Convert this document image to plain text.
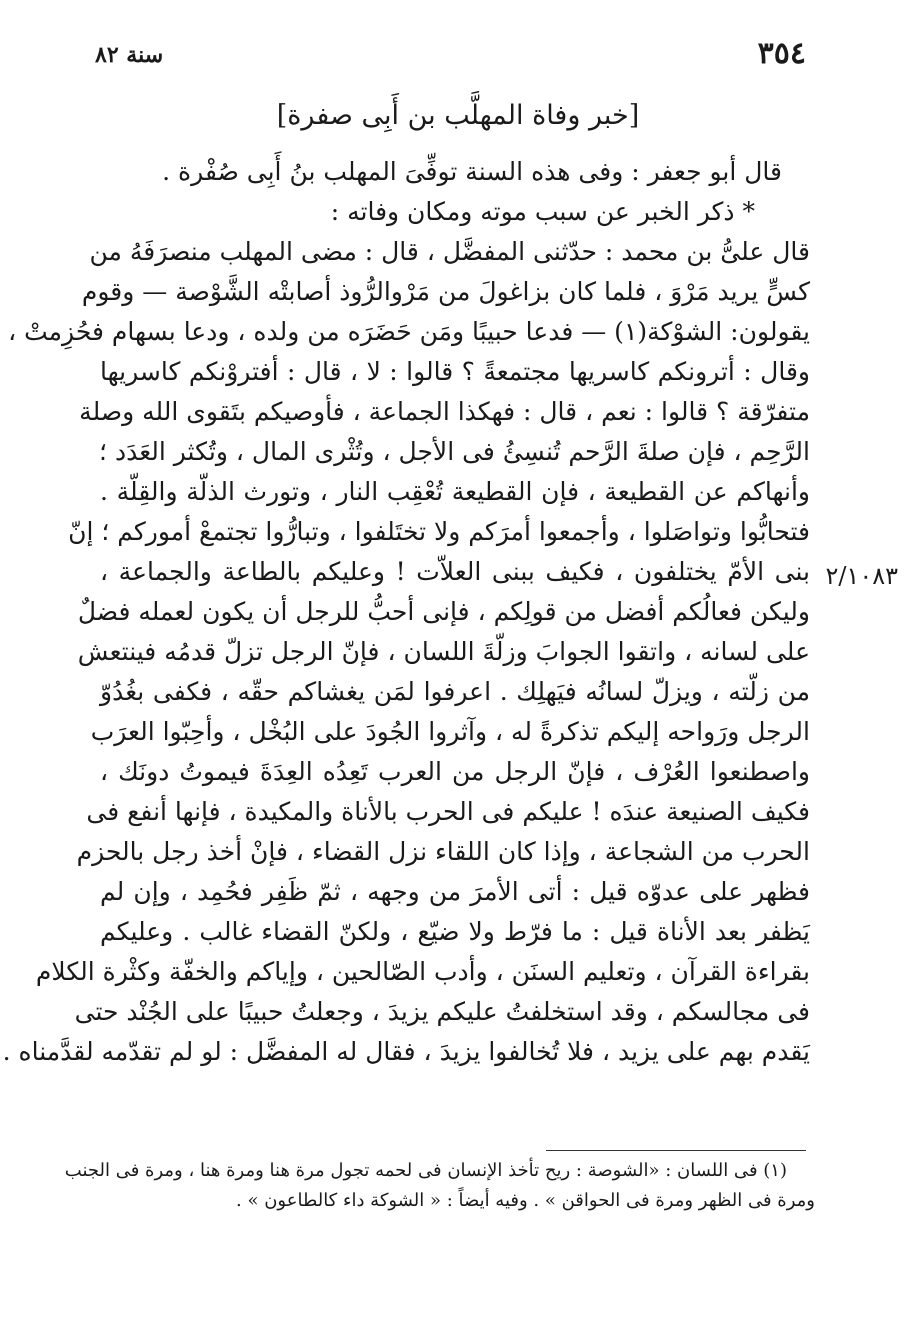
٣٥٤
سنة ٨٢
[خبر وفاة المهلَّب بن أَبِى صفرة]
٢/١٠٨٣
قال أبو جعفر : وفى هذه السنة توفِّىَ المهلب بنُ أَبِى صُفْرة .
* ذكر الخبر عن سبب موته ومكان وفاته :
قال علىُّ بن محمد : حدّثنى المفضَّل ، قال : مضى المهلب منصرَفَهُ من
كسٍّ يريد مَرْوَ ، فلما كان بزاغولَ من مَرْوالرُّوذ أصابتْه الشَّوْصة — وقوم
يقولون: الشوْكة(١) — فدعا حبيبًا ومَن حَضَرَه من ولده ، ودعا بسهام فحُزِمتْ ،
وقال : أترونكم كاسريها مجتمعةً ؟ قالوا : لا ، قال : أفتروْنكم كاسريها
متفرّقة ؟ قالوا : نعم ، قال : فهكذا الجماعة ، فأوصيكم بتَقوى الله وصلة
الرَّحِم ، فإن صلةَ الرَّحم تُنسِئُ فى الأجل ، وتُثْرى المال ، وتُكثر العَدَد ؛
وأنهاكم عن القطيعة ، فإن القطيعة تُعْقِب النار ، وتورث الذلّة والقِلّة .
فتحابُّوا وتواصَلوا ، وأجمعوا أمرَكم ولا تختَلفوا ، وتبارُّوا تجتمعْ أموركم ؛ إنّ
بنى الأمّ يختلفون ، فكيف ببنى العلاّت ! وعليكم بالطاعة والجماعة ،
وليكن فعالُكم أفضل من قولِكم ، فإنى أحبُّ للرجل أن يكون لعمله فضلٌ
على لسانه ، واتقوا الجوابَ وزلّةَ اللسان ، فإنّ الرجل تزلّ قدمُه فينتعش
من زلّته ، ويزلّ لسانُه فيَهلِك . اعرفوا لمَن يغشاكم حقّه ، فكفى بغُدُوّ
الرجل ورَواحه إليكم تذكرةً له ، وآثروا الجُودَ على البُخْل ، وأحِبّوا العرَب
واصطنعوا العُرْف ، فإنّ الرجل من العرب تَعِدُه العِدَةَ فيموتُ دونَك ،
فكيف الصنيعة عندَه ! عليكم فى الحرب بالأناة والمكيدة ، فإنها أنفع فى
الحرب من الشجاعة ، وإذا كان اللقاء نزل القضاء ، فإنْ أخذ رجل بالحزم
فظهر على عدوّه قيل : أتى الأمرَ من وجهه ، ثمّ ظَفِر فحُمِد ، وإن لم
يَظفر بعد الأناة قيل : ما فرّط ولا ضيّع ، ولكنّ القضاء غالب . وعليكم
بقراءة القرآن ، وتعليم السنَن ، وأدب الصّالحين ، وإياكم والخفّة وكثْرة الكلام
فى مجالسكم ، وقد استخلفتُ عليكم يزيدَ ، وجعلتُ حبيبًا على الجُنْد حتى
يَقدم بهم على يزيد ، فلا تُخالفوا يزيدَ ، فقال له المفضَّل : لو لم تقدّمه لقدَّمناه .
(١) فى اللسان : «الشوصة : ريح تأخذ الإنسان فى لحمه تجول مرة هنا ومرة هنا ، ومرة فى الجنب
ومرة فى الظهر ومرة فى الحواقن » . وفيه أيضاً : « الشوكة داء كالطاعون » .
